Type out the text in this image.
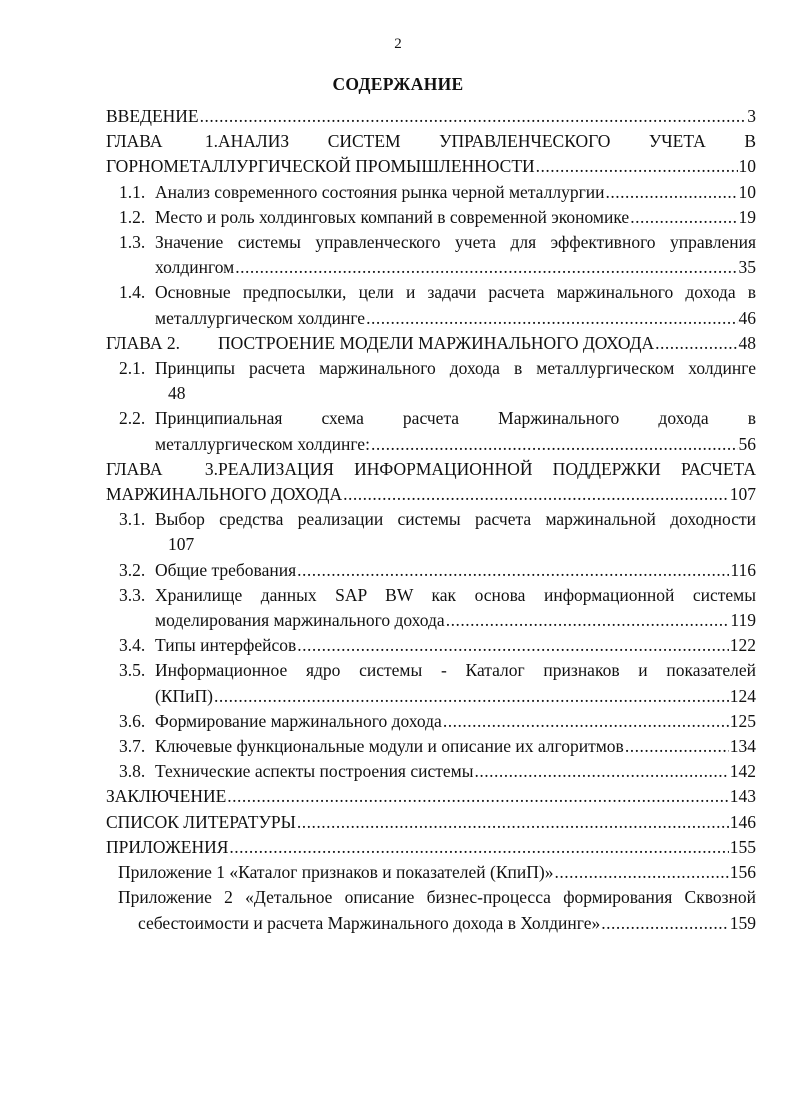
2
СОДЕРЖАНИЕ
ВВЕДЕНИЕ .....	3
ГЛАВА 1.АНАЛИЗ СИСТЕМ УПРАВЛЕНЧЕСКОГО УЧЕТА В
ГОРНОМЕТАЛЛУРГИЧЕСКОЙ ПРОМЫШЛЕННОСТИ .....	10
1.1. Анализ современного состояния рынка черной металлургии .....	10
1.2. Место и роль холдинговых компаний в современной экономике .....	19
1.3. Значение системы управленческого учета для эффективного управления
холдингом .....	35
1.4. Основные предпосылки, цели и задачи расчета маржинального дохода в
металлургическом холдинге .....	46
ГЛАВА 2. ПОСТРОЕНИЕ МОДЕЛИ МАРЖИНАЛЬНОГО ДОХОДА .....	48
2.1. Принципы расчета маржинального дохода в металлургическом холдинге
48
2.2. Принципиальная схема расчета Маржинального дохода в
металлургическом холдинге: .....	56
ГЛАВА 3.РЕАЛИЗАЦИЯ ИНФОРМАЦИОННОЙ ПОДДЕРЖКИ РАСЧЕТА
МАРЖИНАЛЬНОГО ДОХОДА .....	107
3.1. Выбор средства реализации системы расчета маржинальной доходности
107
3.2. Общие требования .....	116
3.3. Хранилище данных SAP BW как основа информационной системы
моделирования маржинального дохода .....	119
3.4. Типы интерфейсов .....	122
3.5. Информационное ядро системы - Каталог признаков и показателей
(КПиП) .....	124
3.6. Формирование маржинального дохода .....	125
3.7. Ключевые функциональные модули и описание их алгоритмов .....	134
3.8. Технические аспекты построения системы .....	142
ЗАКЛЮЧЕНИЕ .....	143
СПИСОК ЛИТЕРАТУРЫ .....	146
ПРИЛОЖЕНИЯ .....	155
Приложение 1 «Каталог признаков и показателей (КпиП)» .....	156
Приложение 2 «Детальное описание бизнес-процесса формирования Сквозной
себестоимости и расчета Маржинального дохода в Холдинге» .....	159
